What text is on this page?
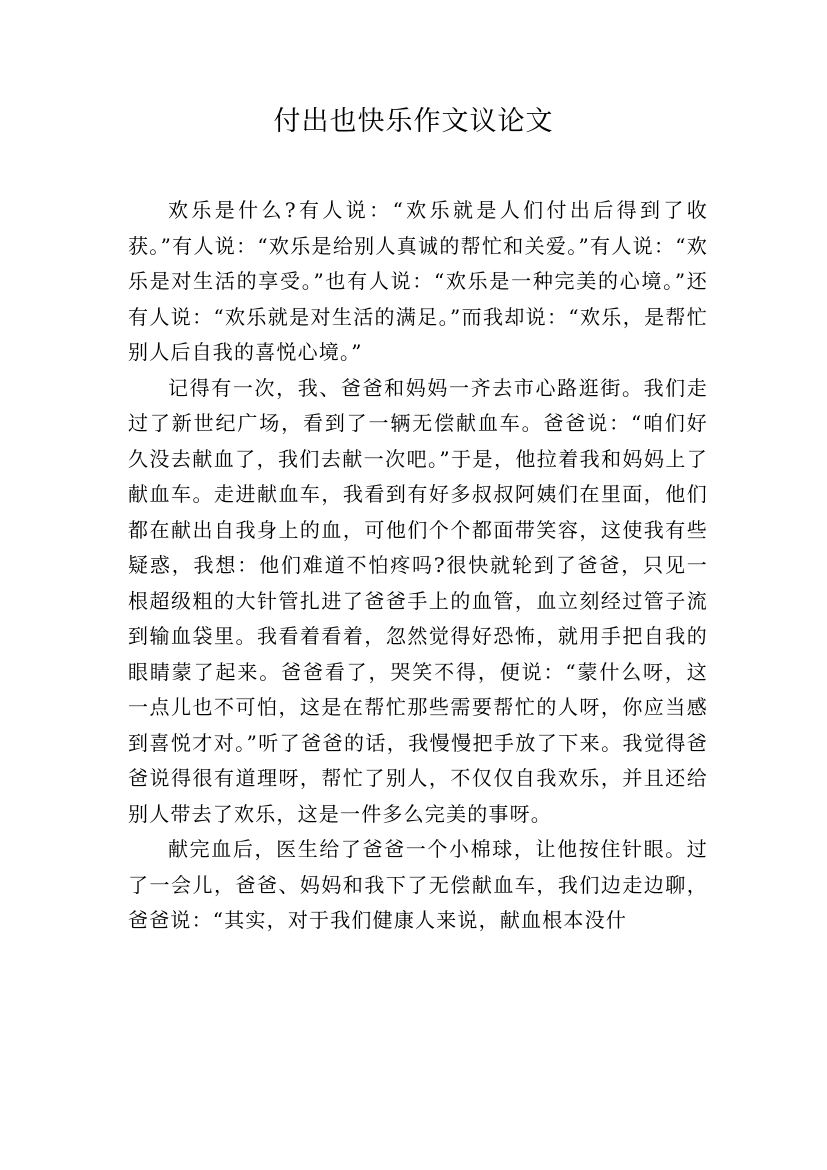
付出也快乐作文议论文

欢乐是什么?有人说：“欢乐就是人们付出后得到了收获。”有人说：“欢乐是给别人真诚的帮忙和关爱。”有人说：“欢乐是对生活的享受。”也有人说：“欢乐是一种完美的心境。”还有人说：“欢乐就是对生活的满足。”而我却说：“欢乐，是帮忙别人后自我的喜悦心境。”

记得有一次，我、爸爸和妈妈一齐去市心路逛街。我们走过了新世纪广场，看到了一辆无偿献血车。爸爸说：“咱们好久没去献血了，我们去献一次吧。”于是，他拉着我和妈妈上了献血车。走进献血车，我看到有好多叔叔阿姨们在里面，他们都在献出自我身上的血，可他们个个都面带笑容，这使我有些疑惑，我想：他们难道不怕疼吗?很快就轮到了爸爸，只见一根超级粗的大针管扎进了爸爸手上的血管，血立刻经过管子流到输血袋里。我看着看着，忽然觉得好恐怖，就用手把自我的眼睛蒙了起来。爸爸看了，哭笑不得，便说：“蒙什么呀，这一点儿也不可怕，这是在帮忙那些需要帮忙的人呀，你应当感到喜悦才对。”听了爸爸的话，我慢慢把手放了下来。我觉得爸爸说得很有道理呀，帮忙了别人，不仅仅自我欢乐，并且还给别人带去了欢乐，这是一件多么完美的事呀。

献完血后，医生给了爸爸一个小棉球，让他按住针眼。过了一会儿，爸爸、妈妈和我下了无偿献血车，我们边走边聊，爸爸说：“其实，对于我们健康人来说，献血根本没什
